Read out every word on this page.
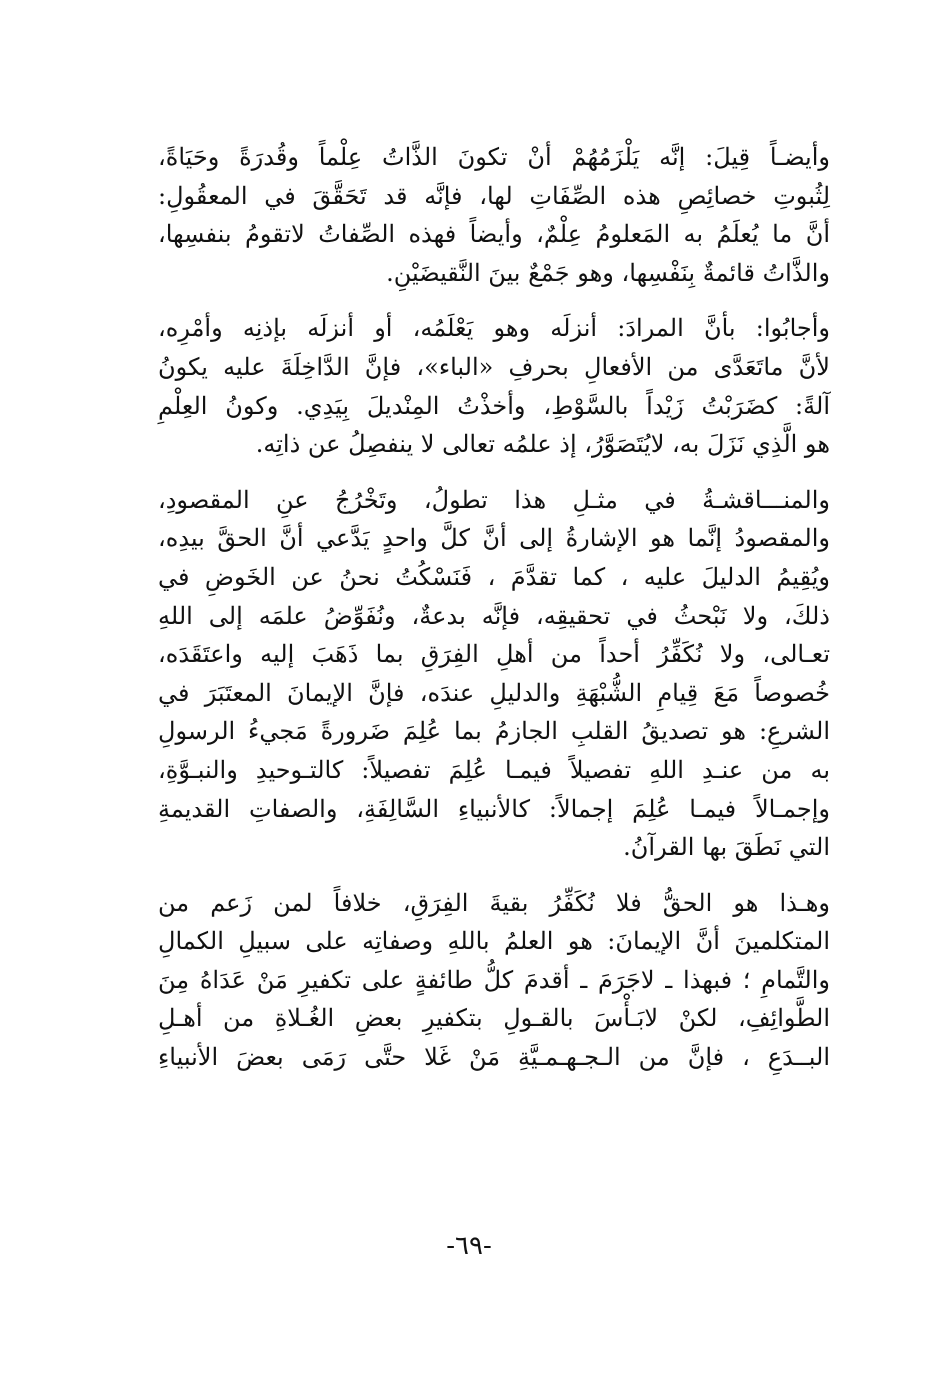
وأيضـاً قِيلَ: إنَّه يَلْزَمُهُمْ أنْ تكونَ الذَّاتُ عِلْماً وقُدرَةً وحَيَاةً،
لِثُبوتِ خصائِصِ هذه الصِّفَاتِ لها، فإنَّه قد تَحَقَّقَ في المعقُولِ:
أنَّ ما يُعلَمُ به المَعلومُ عِلْمٌ، وأيضاً فهذه الصِّفاتُ لاتقومُ بنفسِها،
والذَّاتُ قائمةٌ بِنَفْسِها، وهو جَمْعٌ بينَ النَّقيضَيْنِ.

وأجابُوا: بأنَّ المرادَ: أنزلَه وهو يَعْلَمُه، أو أنزلَه بإذنِه وأمْرِه،
لأنَّ ماتَعَدَّى من الأفعالِ بحرفِ «الباء»، فإنَّ الدَّاخِلَةَ عليه يكونُ
آلةً: كضَرَبْتُ زَيْداً بالسَّوْطِ، وأخذْتُ المِنْديلَ بِيَدِي. وكونُ العِلْمِ
هو الَّذِي نَزَلَ به، لايُتَصَوَّرُ، إذ علمُه تعالى لا ينفصِلُ عن ذاتِه.

والمنـــاقشـةُ في مثـلِ هذا تطولُ، وتَخْرُجُ عنِ المقصودِ،
والمقصودُ إنَّما هو الإشارةُ إلى أنَّ كلَّ واحدٍ يَدَّعي أنَّ الحقَّ بيدِه،
ويُقِيمُ الدليلَ عليه ، كما تقدَّمَ ، فَنَسْكُتُ نحنُ عن الخَوضِ في
ذلكَ، ولا نَبْحثُ في تحقيقِه، فإنَّه بدعةٌ، ونُفَوِّضُ علمَه إلى اللهِ
تعـالى، ولا نُكَفِّرُ أحداً من أهلِ الفِرَقِ بما ذَهَبَ إليه واعتَقَدَه،
خُصوصاً مَعَ قِيامِ الشُّبْهَةِ والدليلِ عندَه، فإنَّ الإيمانَ المعتَبَرَ في
الشرعِ: هو تصديقُ القلبِ الجازمُ بما عُلِمَ ضَرورةً مَجيءُ الرسولِ
به من عنـدِ اللهِ تفصيلاً فيمـا عُلِمَ تفصيلاً: كالتـوحيدِ والنبـوَّةِ،
وإجمـالاً فيمـا عُلِمَ إجمالاً: كالأنبياءِ السَّالِفَةِ، والصفاتِ القديمةِ
التي نَطَقَ بها القرآنُ.

وهـذا هو الحقُّ فلا نُكَفِّرُ بقيةَ الفِرَقِ، خلافاً لمن زَعم من
المتكلمينَ أنَّ الإيمانَ: هو العلمُ باللهِ وصفاتِه على سبيلِ الكمالِ
والتَّمامِ ؛ فبهذا ـ لاجَرَمَ ـ أقدمَ كلُّ طائفةٍ على تكفيرِ مَنْ عَدَاهُ مِنَ
الطَّوائِفِ، لكنْ لابَـأْسَ بالقـولِ بتكفيرِ بعضِ الغُـلاةِ من أهـلِ
البــدَعِ ، فإنَّ من الـجـهـمـيَّةِ مَنْ غَلا حتَّى رَمَى بعضَ الأنبياءِ

-٦٩-
